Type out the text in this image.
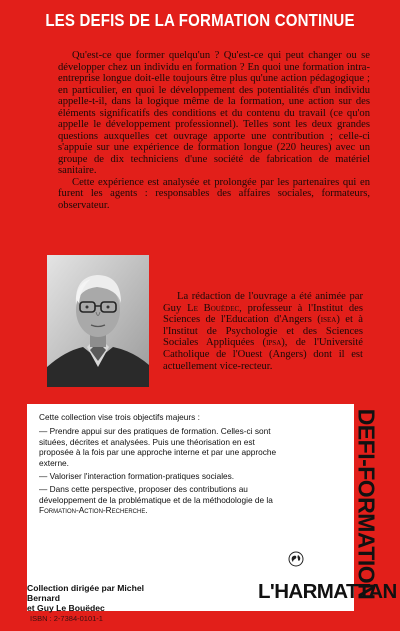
LES DEFIS DE LA FORMATION CONTINUE

Qu'est-ce que former quelqu'un ? Qu'est-ce qui peut changer ou se développer chez un individu en formation ? En quoi une formation intra-entreprise longue doit-elle toujours être plus qu'une action pédagogique ; en particulier, en quoi le développement des potentialités d'un individu appelle-t-il, dans la logique même de la formation, une action sur des éléments significatifs des conditions et du contenu du travail (ce qu'on appelle le développement professionnel). Telles sont les deux grandes questions auxquelles cet ouvrage apporte une contribution ; celle-ci s'appuie sur une expérience de formation longue (220 heures) avec un groupe de dix techniciens d'une société de fabrication de matériel sanitaire.

Cette expérience est analysée et prolongée par les partenaires qui en furent les agents : responsables des affaires sociales, formateurs, observateur.

La rédaction de l'ouvrage a été animée par Guy Le Bouëdec, professeur à l'Institut des Sciences de l'Education d'Angers (isea) et à l'Institut de Psychologie et des Sciences Sociales Appliquées (ipsa), de l'Université Catholique de l'Ouest (Angers) dont il est actuellement vice-recteur.

Cette collection vise trois objectifs majeurs :
— Prendre appui sur des pratiques de formation. Celles-ci sont situées, décrites et analysées. Puis une théorisation en est proposée à la fois par une approche interne et par une approche externe.
— Valoriser l'interaction formation-pratiques sociales.
— Dans cette perspective, proposer des contributions au développement de la problématique et de la méthodologie de la Formation-Action-Recherche.	DEFI-FORMATION
L'HARMATTAN
Collection dirigée par Michel Bernard
et Guy Le Bouëdec
ISBN : 2-7384-0101-1
